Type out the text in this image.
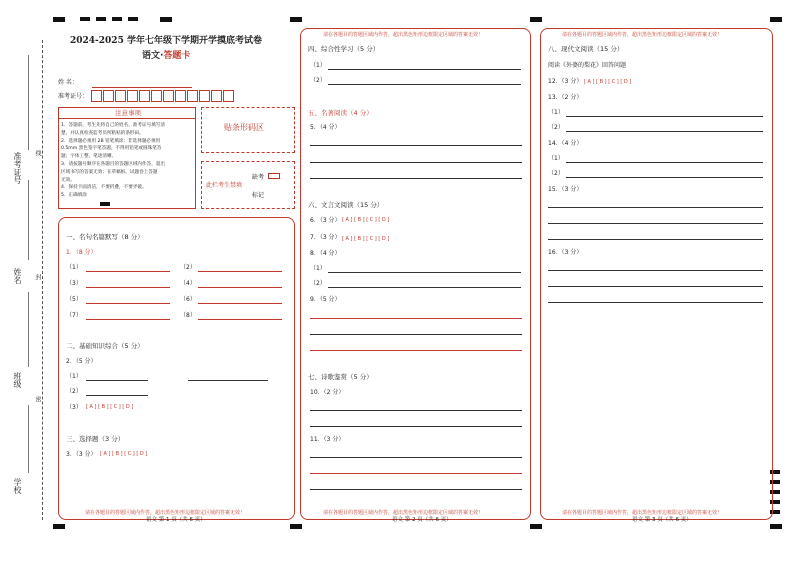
准考证号
姓名
班级
学校
线
封
密
2024-2025 学年七年级下学期开学摸底考试卷
语文·答题卡
姓 名：
准考证号：
注意事项
1．答题前，考生先将自己的姓名、准考证号填写清
楚，并认真检查监考员所粘贴的条形码。
2．选择题必须用 2B 铅笔填涂；非选择题必须用
0.5mm 黑色签字笔答题，不得用铅笔或圆珠笔答
题；字体工整、笔迹清晰。
3．请按题号顺序在各题目的答题区域内作答，超出
区域书写的答案无效；在草稿纸、试题卷上答题
无效。
4．保持卡面清洁，不要折叠，不要弄破。
5．正确填涂
贴条形码区
此栏考生禁填
缺考
标记
请在各题目的答题区域内作答，超出黑色矩形边框限定区域的答案无效！
一、名句名篇默写（8 分）
1．（8 分）
（1）	（2）
（3）	（4）
（5）	（6）
（7）	（8）
二、基础知识综合（5 分）
2．（5 分）
（1）
（2）
（3） [ A ] [ B ] [ C ] [ D ]
三、选择题（3 分）
3．（3 分） [ A ] [ B ] [ C ] [ D ]
语文 第 1 页（共 6 页）
请在各题目的答题区域内作答，超出黑色矩形边框限定区域的答案无效！
请在各题目的答题区域内作答，超出黑色矩形边框限定区域的答案无效！
四、综合性学习（5 分）
（1）
（2）
五、名著阅读（4 分）
5．（4 分）
六、文言文阅读（15 分）
6．（3 分） [ A ] [ B ] [ C ] [ D ]
7．（3 分） [ A ] [ B ] [ C ] [ D ]
8．（4 分）
（1）
（2）
9．（5 分）
七、诗歌鉴赏（5 分）
10．（2 分）
11．（3 分）
语文 第 2 页（共 6 页）
请在各题目的答题区域内作答，超出黑色矩形边框限定区域的答案无效！
请在各题目的答题区域内作答，超出黑色矩形边框限定区域的答案无效！
八、现代文阅读（15 分）
阅读《外婆的梨花》回答问题
12．（3 分） [ A ] [ B ] [ C ] [ D ]
13．（2 分）
（1）
（2）
14．（4 分）
（1）
（2）
15．（3 分）
16．（3 分）
语文 第 3 页（共 6 页）
